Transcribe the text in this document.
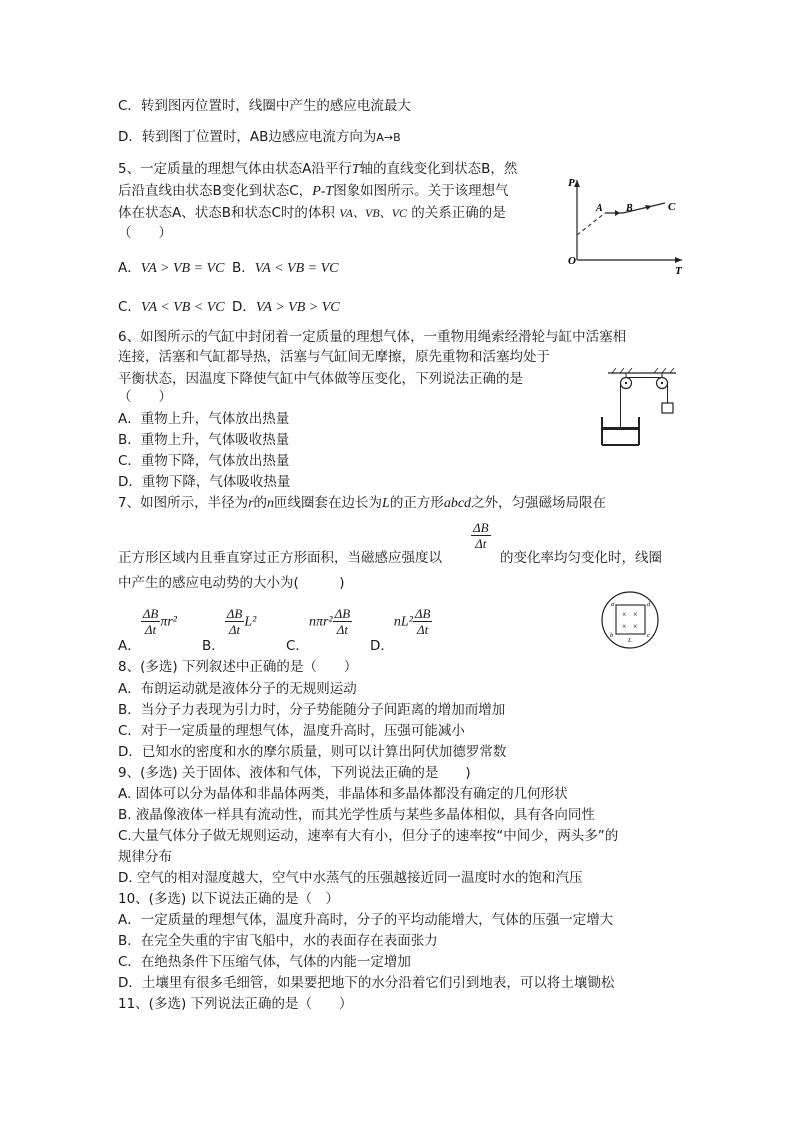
C．转到图丙位置时，线圈中产生的感应电流最大
D．转到图丁位置时，AB边感应电流方向为A→B
5、一定质量的理想气体由状态A沿平行T轴的直线变化到状态B，然
后沿直线由状态B变化到状态C，P-T图象如图所示。关于该理想气
体在状态A、状态B和状态C时的体积 VA、VB、VC 的关系正确的是
（　　）
A．VA > VB = VC B．VA < VB = VC
C．VA < VB < VC D．VA > VB > VC
P
T
O
A B	C
6、如图所示的气缸中封闭着一定质量的理想气体，一重物用绳索经滑轮与缸中活塞相
连接，活塞和气缸都导热，活塞与气缸间无摩擦，原先重物和活塞均处于
平衡状态，因温度下降使气缸中气体做等压变化，下列说法正确的是
（　　）
A．重物上升，气体放出热量
B．重物上升，气体吸收热量
C．重物下降，气体放出热量
D．重物下降，气体吸收热量
7、如图所示，半径为r的n匝线圈套在边长为L的正方形abcd之外，匀强磁场局限在
$\frac{\Delta B}{\Delta t}$
正方形区域内且垂直穿过正方形面积，当磁感应强度以	的变化率均匀变化时，线圈
中产生的感应电动势的大小为(　　　)
A．
$\frac{\Delta B}{\Delta t} \pi r^2$
B．
$\frac{\Delta B}{\Delta t} L^2$
C．$n\pi r^2 \frac{\Delta B}{\Delta t}$
D．$nL^2 \frac{\Delta B}{\Delta t}$	× ×
× ×
a	d
b	c
L
8、(多选) 下列叙述中正确的是（　　）
A．布朗运动就是液体分子的无规则运动
B．当分子力表现为引力时，分子势能随分子间距离的增加而增加
C．对于一定质量的理想气体，温度升高时，压强可能减小
D．已知水的密度和水的摩尔质量，则可以计算出阿伏加德罗常数
9、(多选) 关于固体、液体和气体，下列说法正确的是　　)
A. 固体可以分为晶体和非晶体两类，非晶体和多晶体都没有确定的几何形状
B. 液晶像液体一样具有流动性，而其光学性质与某些多晶体相似，具有各向同性
C.大量气体分子做无规则运动，速率有大有小，但分子的速率按“中间少，两头多”的
规律分布
D. 空气的相对湿度越大，空气中水蒸气的压强越接近同一温度时水的饱和汽压
10、(多选) 以下说法正确的是（　）
A．一定质量的理想气体，温度升高时，分子的平均动能增大，气体的压强一定增大
B．在完全失重的宇宙飞船中，水的表面存在表面张力
C．在绝热条件下压缩气体，气体的内能一定增加
D．土壤里有很多毛细管，如果要把地下的水分沿着它们引到地表，可以将土壤锄松
11、(多选) 下列说法正确的是（　　）
